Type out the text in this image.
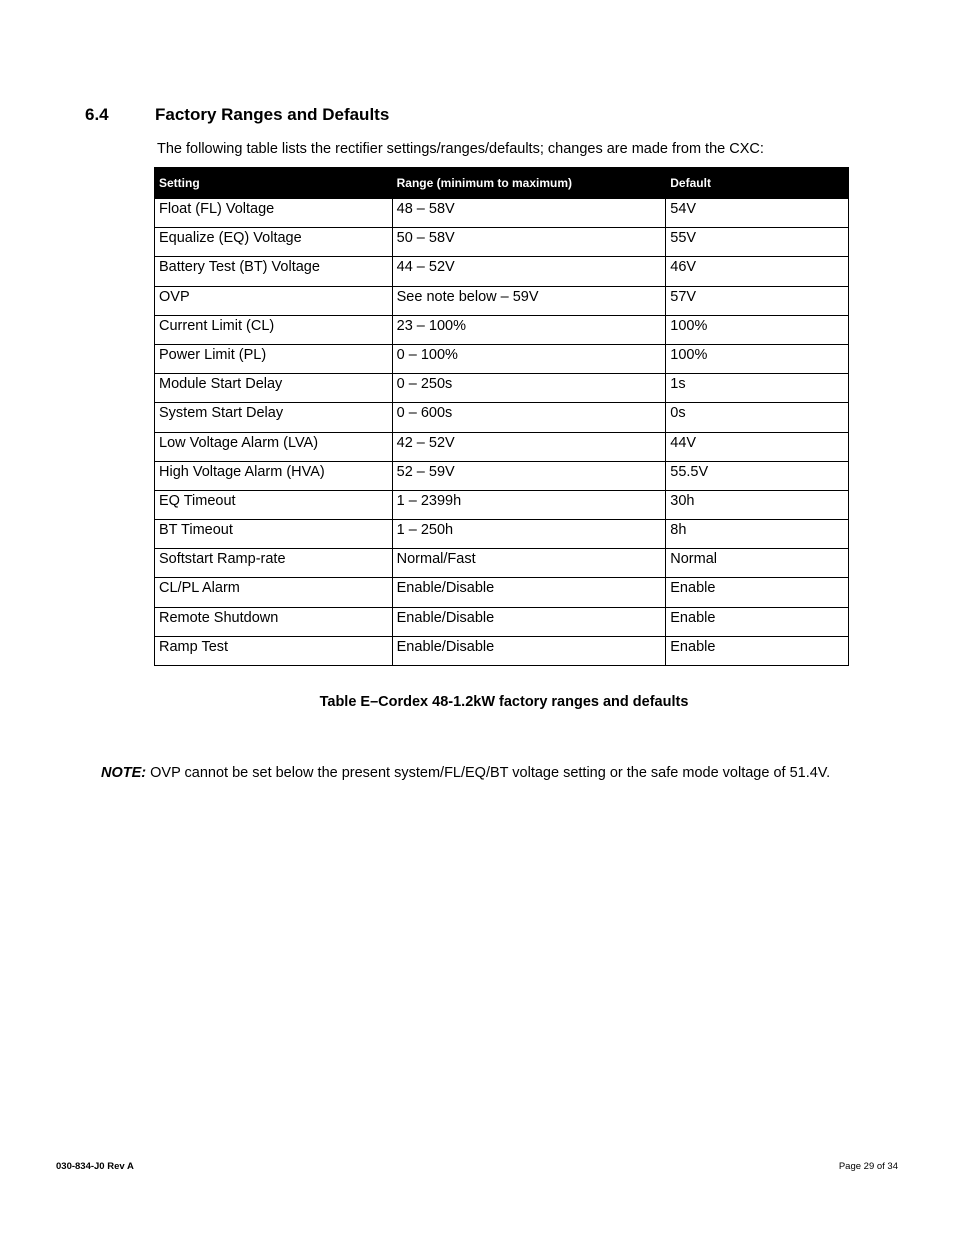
6.4	Factory Ranges and Defaults
The following table lists the rectifier settings/ranges/defaults; changes are made from the CXC:
Setting	Range (minimum to maximum)	Default
Float (FL) Voltage	48 – 58V	54V
Equalize (EQ) Voltage	50 – 58V	55V
Battery Test (BT) Voltage	44 – 52V	46V
OVP	See note below – 59V	57V
Current Limit (CL)	23 – 100%	100%
Power Limit (PL)	0 – 100%	100%
Module Start Delay	0 – 250s	1s
System Start Delay	0 – 600s	0s
Low Voltage Alarm (LVA)	42 – 52V	44V
High Voltage Alarm (HVA)	52 – 59V	55.5V
EQ Timeout	1 – 2399h	30h
BT Timeout	1 – 250h	8h
Softstart Ramp-rate	Normal/Fast	Normal
CL/PL Alarm	Enable/Disable	Enable
Remote Shutdown	Enable/Disable	Enable
Ramp Test	Enable/Disable	Enable
Table E–Cordex 48-1.2kW factory ranges and defaults
NOTE: OVP cannot be set below the present system/FL/EQ/BT voltage setting or the safe mode voltage of 51.4V.
030-834-J0 Rev A	Page 29 of 34
